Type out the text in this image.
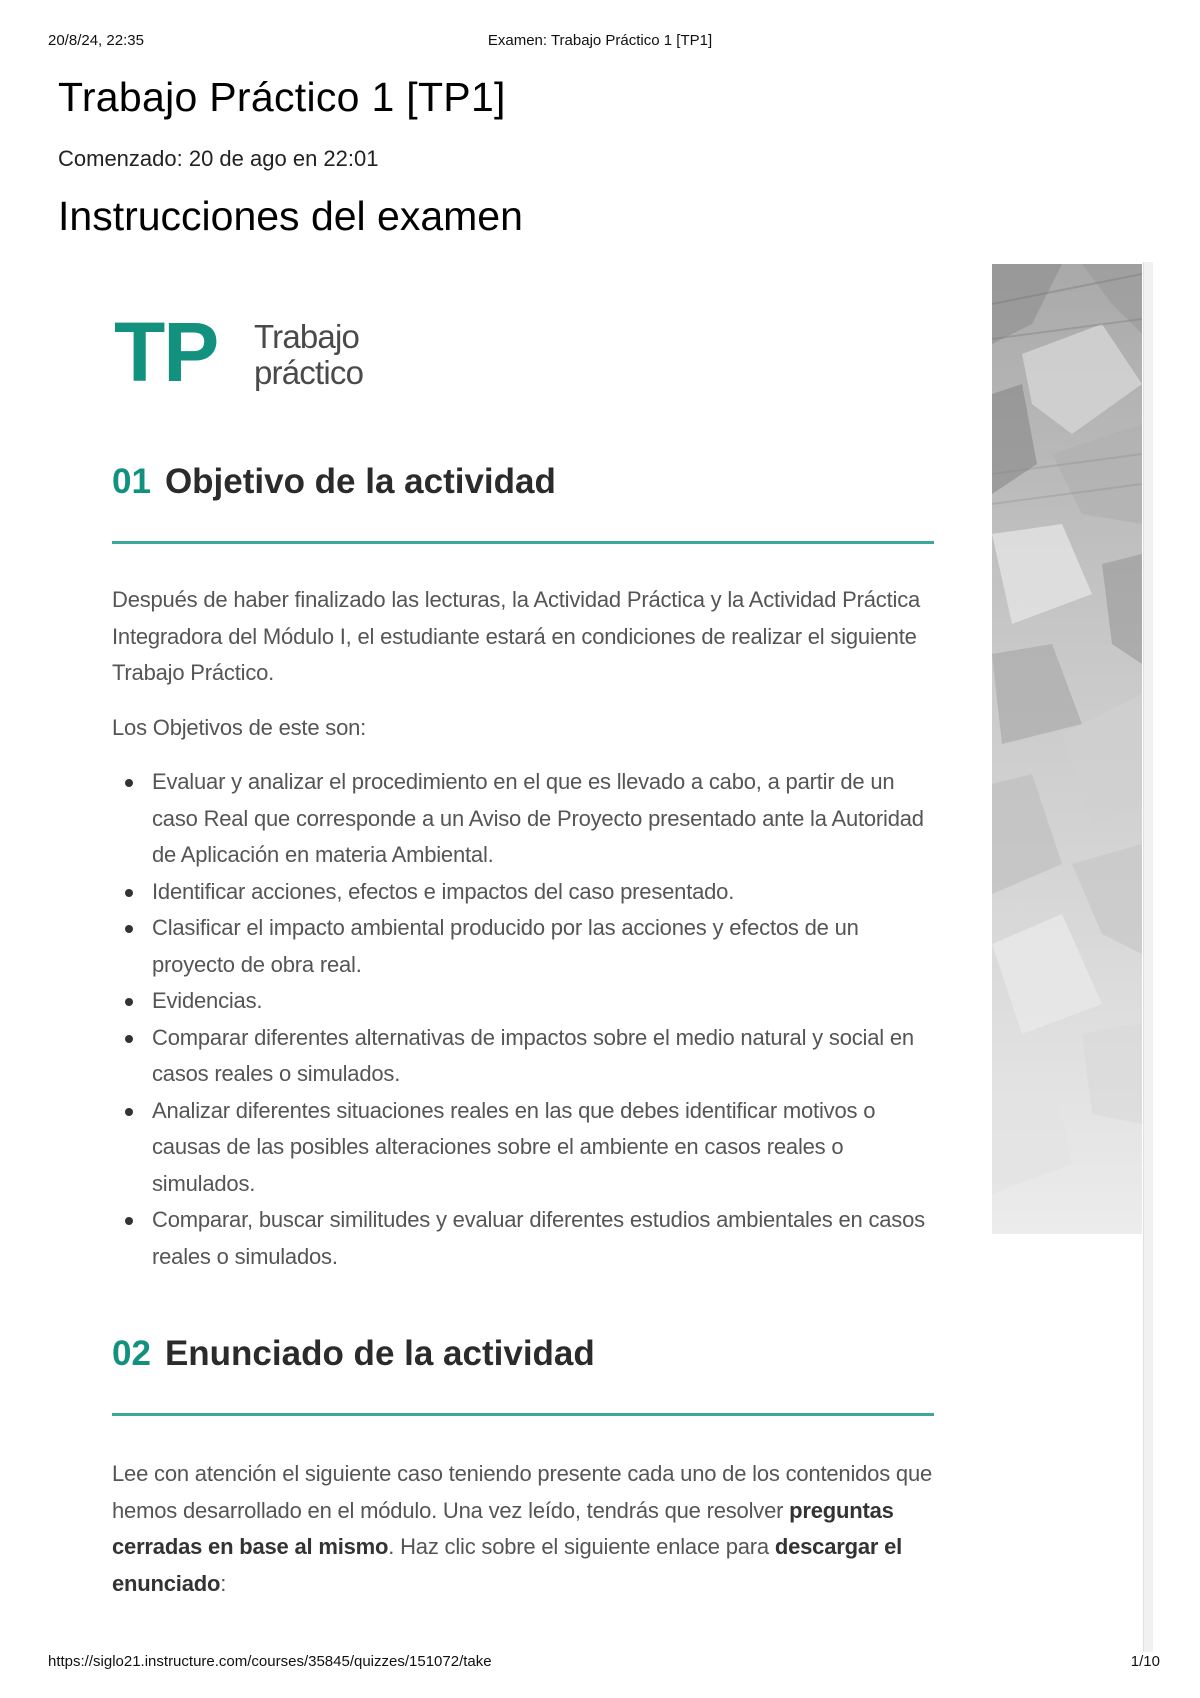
20/8/24, 22:35	Examen: Trabajo Práctico 1 [TP1]
Trabajo Práctico 1 [TP1]
Comenzado: 20 de ago en 22:01
Instrucciones del examen
TP Trabajo
práctico
01 Objetivo de la actividad

Después de haber finalizado las lecturas, la Actividad Práctica y la Actividad Práctica Integradora del Módulo I, el estudiante estará en condiciones de realizar el siguiente Trabajo Práctico.

Los Objetivos de este son:

Evaluar y analizar el procedimiento en el que es llevado a cabo, a partir de un caso Real que corresponde a un Aviso de Proyecto presentado ante la Autoridad de Aplicación en materia Ambiental.
Identificar acciones, efectos e impactos del caso presentado.
Clasificar el impacto ambiental producido por las acciones y efectos de un proyecto de obra real.
Evidencias.
Comparar diferentes alternativas de impactos sobre el medio natural y social en casos reales o simulados.
Analizar diferentes situaciones reales en las que debes identificar motivos o causas de las posibles alteraciones sobre el ambiente en casos reales o simulados.
Comparar, buscar similitudes y evaluar diferentes estudios ambientales en casos reales o simulados.
02 Enunciado de la actividad

Lee con atención el siguiente caso teniendo presente cada uno de los contenidos que hemos desarrollado en el módulo. Una vez leído, tendrás que resolver preguntas cerradas en base al mismo. Haz clic sobre el siguiente enlace para descargar el enunciado:

https://siglo21.instructure.com/courses/35845/quizzes/151072/take	1/10
